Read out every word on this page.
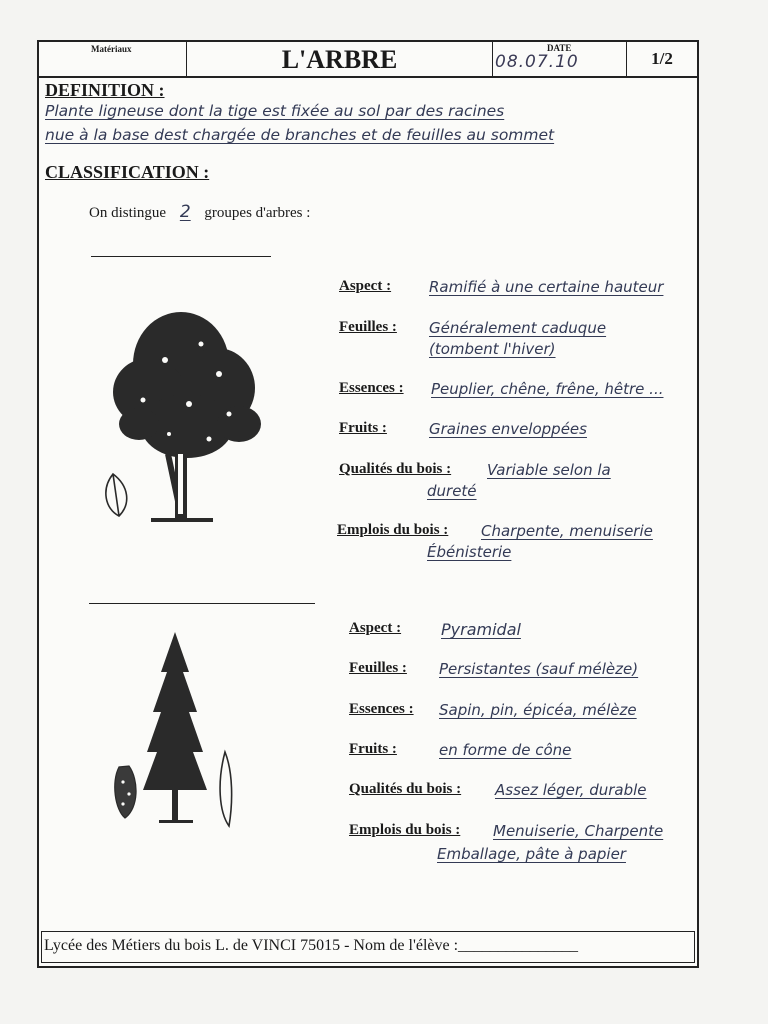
Matériaux	L'ARBRE	DATE
08.07.10	1/2
DEFINITION :
Plante ligneuse dont la tige est fixée au sol par des racines
nue à la base dest chargée de branches et de feuilles au sommet
CLASSIFICATION :
On distingue 2 groupes d'arbres :
Aspect :	Ramifié à une certaine hauteur
Feuilles : Généralement caduque
(tombent l'hiver)
Essences : Peuplier, chêne, frêne, hêtre ...
Fruits :	Graines enveloppées
Qualités du bois : Variable selon la
dureté
Emplois du bois : Charpente, menuiserie
Ébénisterie
Aspect : Pyramidal
Feuilles : Persistantes (sauf mélèze)
Essences : Sapin, pin, épicéa, mélèze
Fruits :	en forme de cône
Qualités du bois : Assez léger, durable
Emplois du bois : Menuiserie, Charpente
Emballage, pâte à papier
Lycée des Métiers du bois L. de VINCI 75015 - Nom de l'élève :_______________
